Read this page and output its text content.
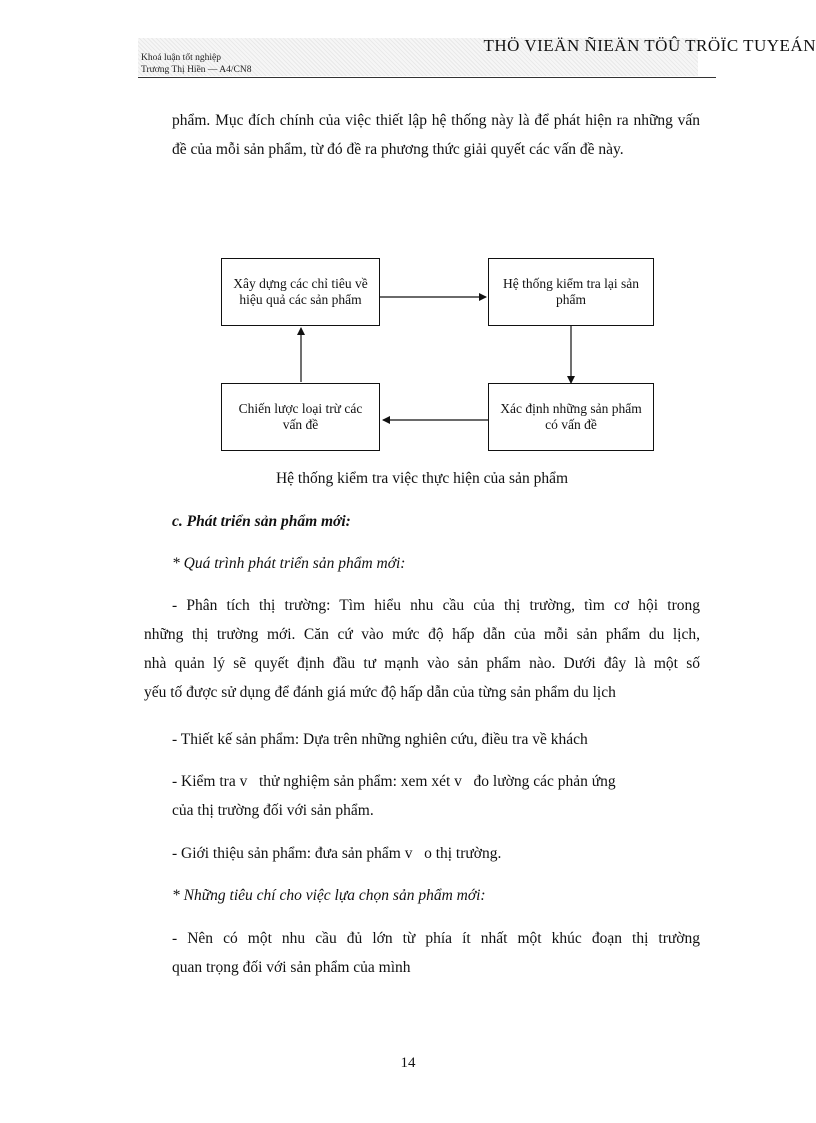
Khoá luận tốt nghiệp
Trương Thị Hiền — A4/CN8
THÖ VIEÄN ÑIEÄN TÖÛ TRÖÏC TUYEÁN
phẩm. Mục đích chính của việc thiết lập hệ thống này là để phát hiện ra những vấn đề của mỗi sản phẩm, từ đó đề ra phương thức giải quyết các vấn đề này.
Xây dựng các chỉ tiêu về hiệu quả các sản phẩm
Hệ thống kiểm tra lại sản phẩm
Xác định những sản phẩm có vấn đề
Chiến lược loại trừ các vấn đề
Hệ thống kiểm tra việc thực hiện của sản phẩm
c. Phát triển sản phẩm mới:
* Quá trình phát triển sản phẩm mới:
- Phân tích thị trường: Tìm hiểu nhu cầu của thị trường, tìm cơ hội trong
những thị trường mới. Căn cứ vào mức độ hấp dẫn của mỗi sản phẩm du lịch,
nhà quản lý sẽ quyết định đầu tư mạnh vào sản phẩm nào. Dưới đây là một số
yếu tố được sử dụng để đánh giá mức độ hấp dẫn của từng sản phẩm du lịch
- Thiết kế sản phẩm: Dựa trên những nghiên cứu, điều tra về khách
- Kiểm tra v   thử nghiệm sản phẩm: xem xét v   đo lường các phản ứng
của thị trường đối với sản phẩm.
- Giới thiệu sản phẩm: đưa sản phẩm v   o thị trường.
* Những tiêu chí cho việc lựa chọn sản phẩm mới:
- Nên có một nhu cầu đủ lớn từ phía ít nhất một khúc đoạn thị trường
quan trọng đối với sản phẩm của mình
14
